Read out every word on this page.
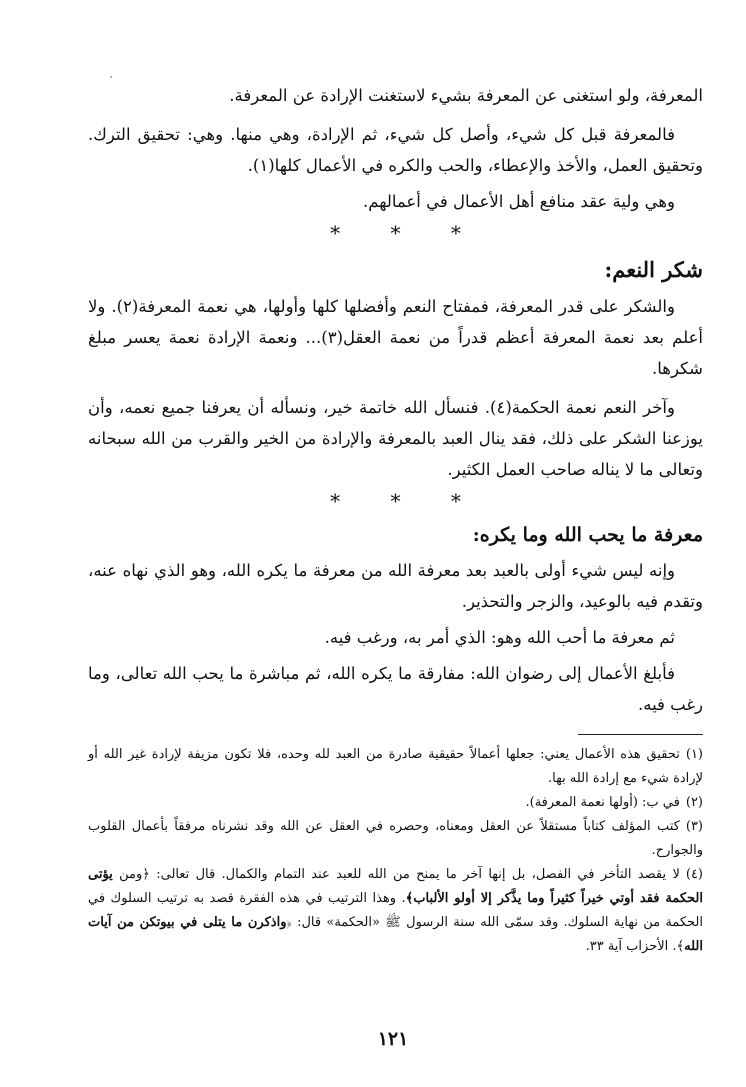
المعرفة، ولو استغنى عن المعرفة بشيء لاستغنت الإرادة عن المعرفة.

فالمعرفة قبل كل شيء، وأصل كل شيء، ثم الإرادة، وهي منها. وهي: تحقيق الترك. وتحقيق العمل، والأخذ والإعطاء، والحب والكره في الأعمال كلها(١).

وهي ولية عقد منافع أهل الأعمال في أعمالهم.

* * *
شكر النعم:

والشكر على قدر المعرفة، فمفتاح النعم وأفضلها كلها وأولها، هي نعمة المعرفة(٢). ولا أعلم بعد نعمة المعرفة أعظم قدراً من نعمة العقل(٣)... ونعمة الإرادة نعمة يعسر مبلغ شكرها.

وآخر النعم نعمة الحكمة(٤). فنسأل الله خاتمة خير، ونسأله أن يعرفنا جميع نعمه، وأن يوزعنا الشكر على ذلك، فقد ينال العبد بالمعرفة والإرادة من الخير والقرب من الله سبحانه وتعالى ما لا يناله صاحب العمل الكثير.

* * *
معرفة ما يحب الله وما يكره:

وإنه ليس شيء أولى بالعبد بعد معرفة الله من معرفة ما يكره الله، وهو الذي نهاه عنه، وتقدم فيه بالوعيد، والزجر والتحذير.

ثم معرفة ما أحب الله وهو: الذي أمر به، ورغب فيه.

فأبلغ الأعمال إلى رضوان الله: مفارقة ما يكره الله، ثم مباشرة ما يحب الله تعالى، وما رغب فيه.

(١)تحقيق هذه الأعمال يعني: جعلها أعمالاً حقيقية صادرة من العبد لله وحده، فلا تكون مزيفة لإرادة غير الله أو لإرادة شيء مع إرادة الله بها.

(٢)في ب: (أولها نعمة المعرفة).

(٣)كتب المؤلف كتاباً مستقلاً عن العقل ومعناه، وحصره في العقل عن الله وقد نشرناه مرفقاً بأعمال القلوب والجوارح.

(٤)لا يقصد التأخر في الفصل، بل إنها آخر ما يمنح من الله للعبد عند التمام والكمال. قال تعالى: ﴿ومن يؤتى الحكمة فقد أوتي خيراً كثيراً وما يذَّكر إلا أولو الألباب﴾. وهذا الترتيب في هذه الفقرة قصد به ترتيب السلوك في الحكمة من نهاية السلوك. وقد سمّى الله سنة الرسول ﷺ «الحكمة» قال: ﴿واذكرن ما يتلى في بيوتكن من آيات الله﴾. الأحزاب آية ٣٣.

١٢١
